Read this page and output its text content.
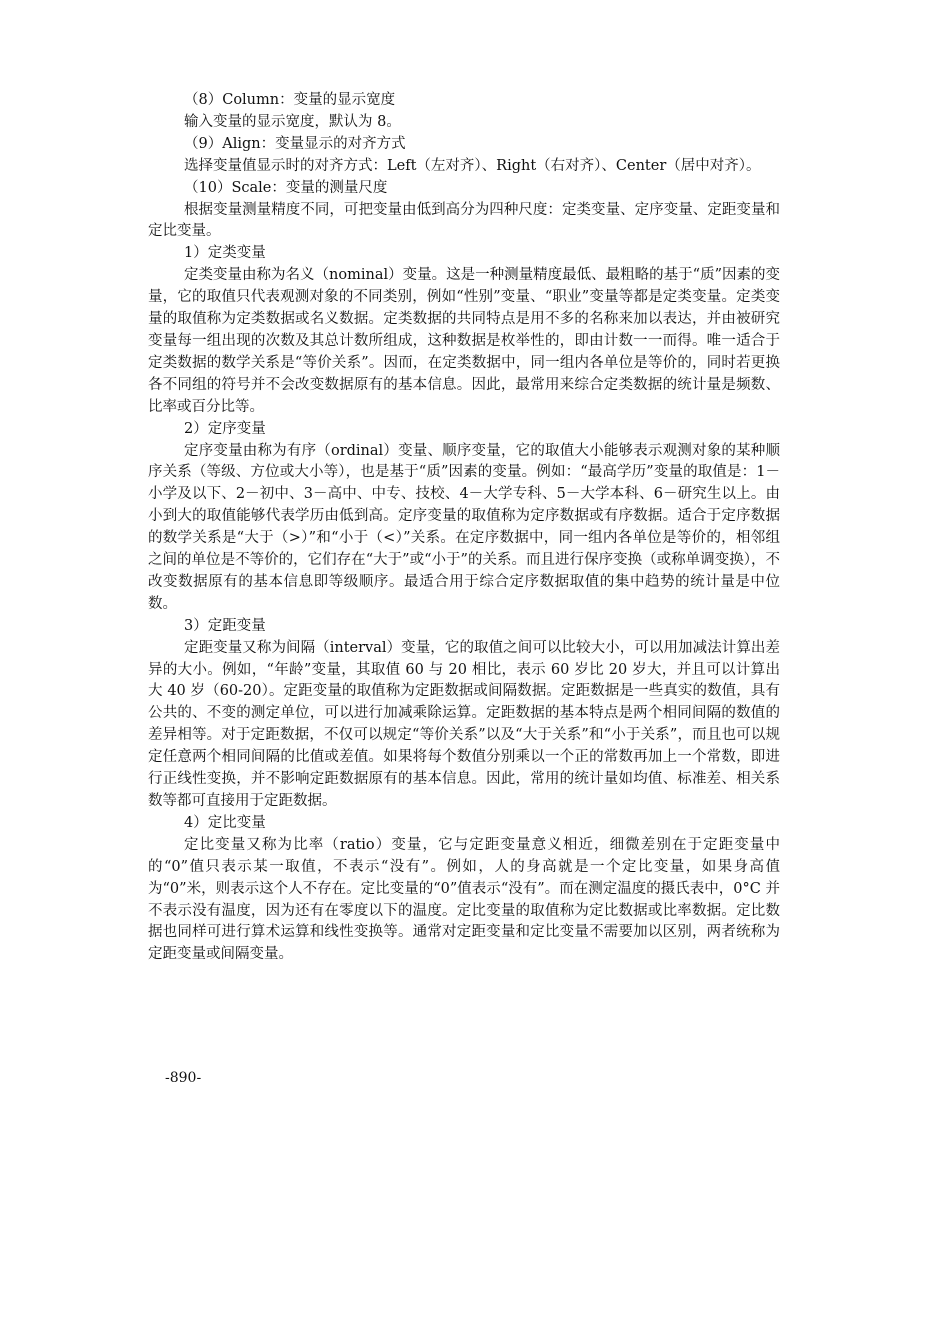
（8）Column：变量的显示宽度

输入变量的显示宽度，默认为 8。

（9）Align：变量显示的对齐方式

选择变量值显示时的对齐方式：Left（左对齐）、Right（右对齐）、Center（居中对齐）。

（10）Scale：变量的测量尺度

根据变量测量精度不同，可把变量由低到高分为四种尺度：定类变量、定序变量、定距变量和定比变量。

1）定类变量

定类变量由称为名义（nominal）变量。这是一种测量精度最低、最粗略的基于“质”因素的变量，它的取值只代表观测对象的不同类别，例如“性别”变量、“职业”变量等都是定类变量。定类变量的取值称为定类数据或名义数据。定类数据的共同特点是用不多的名称来加以表达，并由被研究变量每一组出现的次数及其总计数所组成，这种数据是枚举性的，即由计数一一而得。唯一适合于定类数据的数学关系是“等价关系”。因而，在定类数据中，同一组内各单位是等价的，同时若更换各不同组的符号并不会改变数据原有的基本信息。因此，最常用来综合定类数据的统计量是频数、比率或百分比等。

2）定序变量

定序变量由称为有序（ordinal）变量、顺序变量，它的取值大小能够表示观测对象的某种顺序关系（等级、方位或大小等），也是基于“质”因素的变量。例如：“最高学历”变量的取值是：1－小学及以下、2－初中、3－高中、中专、技校、4－大学专科、5－大学本科、6－研究生以上。由小到大的取值能够代表学历由低到高。定序变量的取值称为定序数据或有序数据。适合于定序数据的数学关系是“大于（>）”和“小于（<）”关系。在定序数据中，同一组内各单位是等价的，相邻组之间的单位是不等价的，它们存在“大于”或“小于”的关系。而且进行保序变换（或称单调变换），不改变数据原有的基本信息即等级顺序。最适合用于综合定序数据取值的集中趋势的统计量是中位数。

3）定距变量

定距变量又称为间隔（interval）变量，它的取值之间可以比较大小，可以用加减法计算出差异的大小。例如，“年龄”变量，其取值 60 与 20 相比，表示 60 岁比 20 岁大，并且可以计算出大 40 岁（60-20）。定距变量的取值称为定距数据或间隔数据。定距数据是一些真实的数值，具有公共的、不变的测定单位，可以进行加减乘除运算。定距数据的基本特点是两个相同间隔的数值的差异相等。对于定距数据，不仅可以规定“等价关系”以及“大于关系”和“小于关系”，而且也可以规定任意两个相同间隔的比值或差值。如果将每个数值分别乘以一个正的常数再加上一个常数，即进行正线性变换，并不影响定距数据原有的基本信息。因此，常用的统计量如均值、标准差、相关系数等都可直接用于定距数据。

4）定比变量

定比变量又称为比率（ratio）变量，它与定距变量意义相近，细微差别在于定距变量中的“0”值只表示某一取值，不表示“没有”。例如，人的身高就是一个定比变量，如果身高值为“0”米，则表示这个人不存在。定比变量的“0”值表示“没有”。而在测定温度的摄氏表中，0°C 并不表示没有温度，因为还有在零度以下的温度。定比变量的取值称为定比数据或比率数据。定比数据也同样可进行算术运算和线性变换等。通常对定距变量和定比变量不需要加以区别，两者统称为定距变量或间隔变量。

-890-
